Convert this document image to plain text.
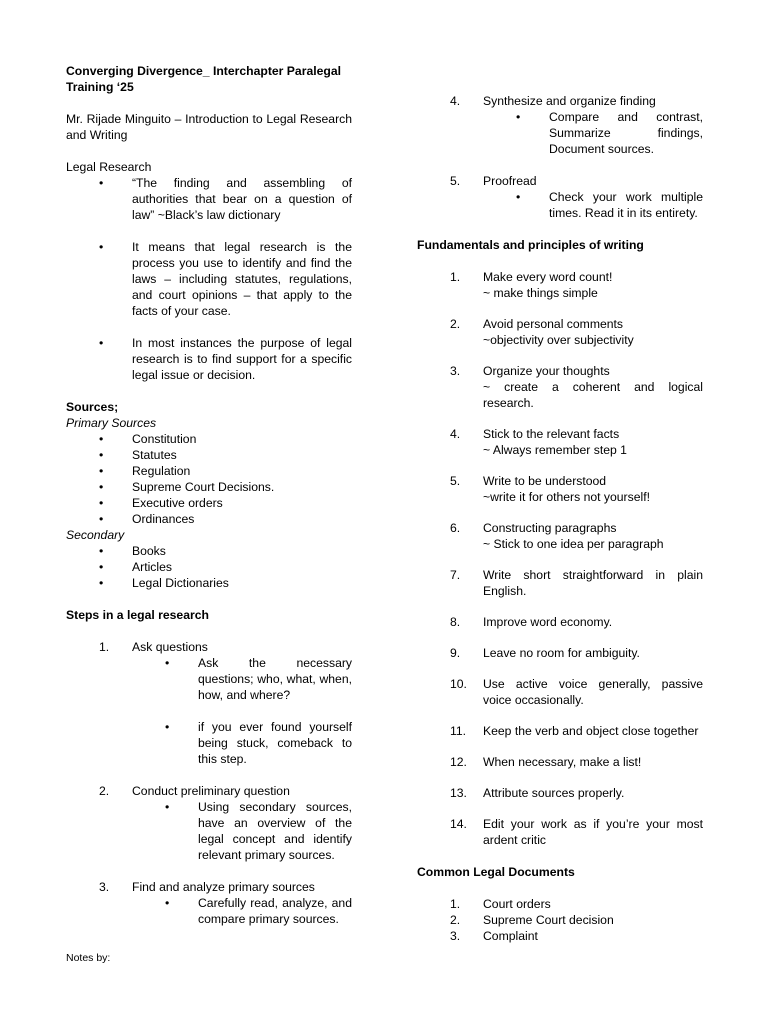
Converging Divergence_ Interchapter Paralegal Training ‘25

Mr. Rijade Minguito – Introduction to Legal Research and Writing

Legal Research

• “The finding and assembling of authorities that bear on a question of law” ~Black’s law dictionary
• It means that legal research is the process you use to identify and find the laws – including statutes, regulations, and court opinions – that apply to the facts of your case.
• In most instances the purpose of legal research is to find support for a specific legal issue or decision.

Sources;

Primary Sources

• Constitution
• Statutes
• Regulation
• Supreme Court Decisions.
• Executive orders
• Ordinances

Secondary

• Books
• Articles
• Legal Dictionaries

Steps in a legal research

1. Ask questions
• Ask the necessary questions; who, what, when, how, and where?
• if you ever found yourself being stuck, comeback to this step.
2. Conduct preliminary question
• Using secondary sources, have an overview of the legal concept and identify relevant primary sources.
3. Find and analyze primary sources
• Carefully read, analyze, and compare primary sources.
4. Synthesize and organize finding
• Compare and contrast, Summarize findings, Document sources.
5. Proofread
• Check your work multiple times. Read it in its entirety.

Fundamentals and principles of writing

1. Make every word count!
~ make things simple
2. Avoid personal comments
~objectivity over subjectivity
3. Organize your thoughts

~ create a coherent and logical research.
4. Stick to the relevant facts
~ Always remember step 1
5. Write to be understood
~write it for others not yourself!
6. Constructing paragraphs
~ Stick to one idea per paragraph
7. Write short straightforward in plain English.
8. Improve word economy.
9. Leave no room for ambiguity.
10. Use active voice generally, passive voice occasionally.
11. Keep the verb and object close together
12. When necessary, make a list!
13. Attribute sources properly.
14. Edit your work as if you’re your most ardent critic

Common Legal Documents

1. Court orders
2. Supreme Court decision
3. Complaint
Notes by:
